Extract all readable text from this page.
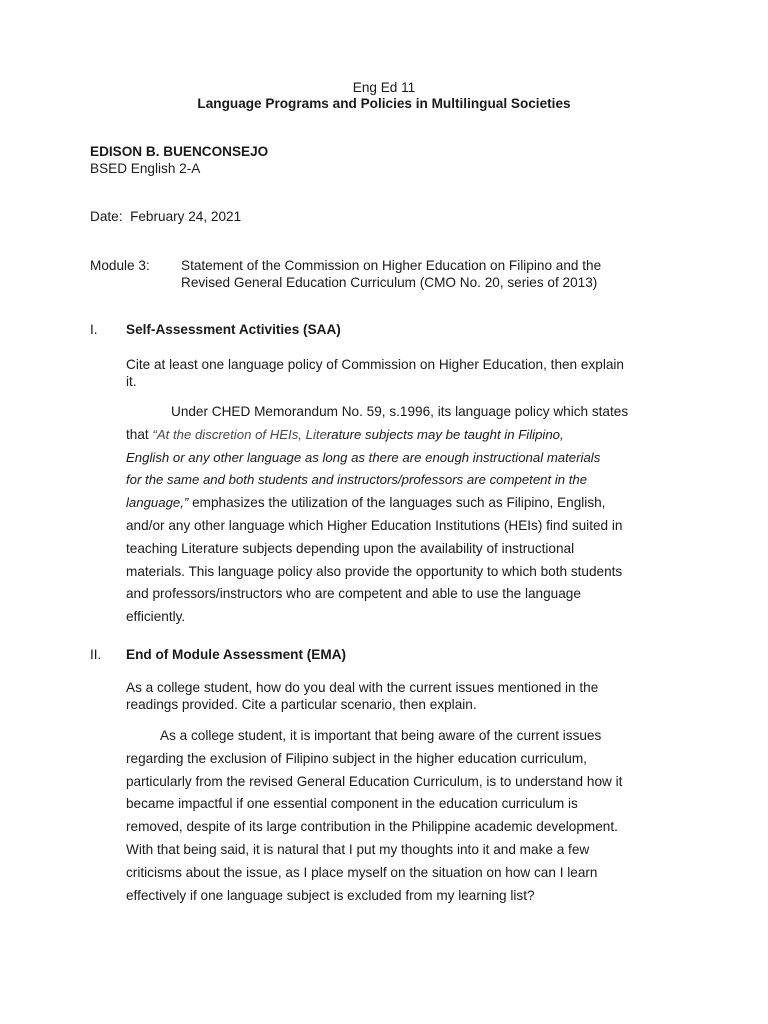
Eng Ed 11
Language Programs and Policies in Multilingual Societies
EDISON B. BUENCONSEJO
BSED English 2-A
Date: February 24, 2021
Module 3: Statement of the Commission on Higher Education on Filipino and the
Revised General Education Curriculum (CMO No. 20, series of 2013)
I. Self-Assessment Activities (SAA)
Cite at least one language policy of Commission on Higher Education, then explain
it.
Under CHED Memorandum No. 59, s.1996, its language policy which states
that “At the discretion of HEIs, Literature subjects may be taught in Filipino,
English or any other language as long as there are enough instructional materials
for the same and both students and instructors/professors are competent in the
language,” emphasizes the utilization of the languages such as Filipino, English,
and/or any other language which Higher Education Institutions (HEIs) find suited in
teaching Literature subjects depending upon the availability of instructional
materials. This language policy also provide the opportunity to which both students
and professors/instructors who are competent and able to use the language
efficiently.
II. End of Module Assessment (EMA)
As a college student, how do you deal with the current issues mentioned in the
readings provided. Cite a particular scenario, then explain.
As a college student, it is important that being aware of the current issues
regarding the exclusion of Filipino subject in the higher education curriculum,
particularly from the revised General Education Curriculum, is to understand how it
became impactful if one essential component in the education curriculum is
removed, despite of its large contribution in the Philippine academic development.
With that being said, it is natural that I put my thoughts into it and make a few
criticisms about the issue, as I place myself on the situation on how can I learn
effectively if one language subject is excluded from my learning list?
